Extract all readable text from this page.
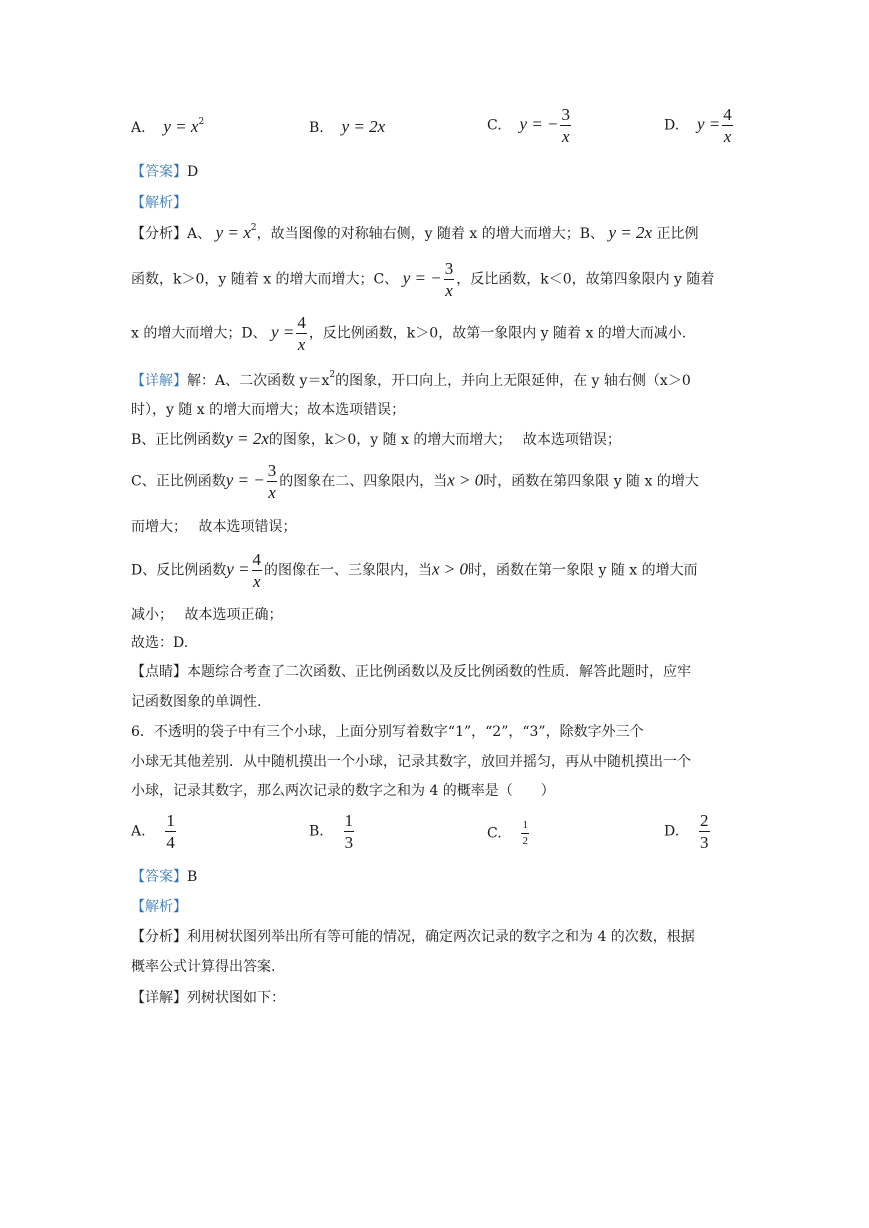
A. $y = x^2$	B. y = 2x	C. y = − $\frac{3}{x}$	D. $y = \frac{4}{x}$
【答案】D
【解析】
【分析】A、 $y = x^2$，故当图像的对称轴右侧，y 随着 x 的增大而增大；B、 y = 2x 正比例
函数，k＞0，y 随着 x 的增大而增大；C、 y = − $\frac{3}{x}$ ，反比函数，k＜0，故第四象限内 y 随着
x 的增大而增大；D、 $y = \frac{4}{x}$ ，反比例函数，k＞0，故第一象限内 y 随着 x 的增大而减小.
【详解】解：A、二次函数 $y=x^2$的图象，开口向上，并向上无限延伸，在 y 轴右侧（x＞0
时），y 随 x 的增大而增大；故本选项错误；
B、正比例函数y = 2x的图象，k＞0，y 随 x 的增大而增大；　 故本选项错误；
C、正比例函数y = − $\frac{3}{x}$ 的图象在二、四象限内，当x > 0时，函数在第四象限 y 随 x 的增大
而增大；　 故本选项错误；
D、反比例函数$y = \frac{4}{x}$ 的图像在一、三象限内，当x > 0时，函数在第一象限 y 随 x 的增大而
减小；　 故本选项正确；
故选：D.
【点睛】本题综合考查了二次函数、正比例函数以及反比例函数的性质．解答此题时，应牢
记函数图象的单调性.
6．不透明的袋子中有三个小球，上面分别写着数字“1”，“2”，“3”，除数字外三个
小球无其他差别．从中随机摸出一个小球，记录其数字，放回并摇匀，再从中随机摸出一个
小球，记录其数字，那么两次记录的数字之和为 4 的概率是（　　）
A. $\frac{1}{4}$	B. $\frac{1}{3}$	C. $\frac{1}{2}$	D. $\frac{2}{3}$
【答案】B
【解析】
【分析】利用树状图列举出所有等可能的情况，确定两次记录的数字之和为 4 的次数，根据
概率公式计算得出答案.
【详解】列树状图如下：
